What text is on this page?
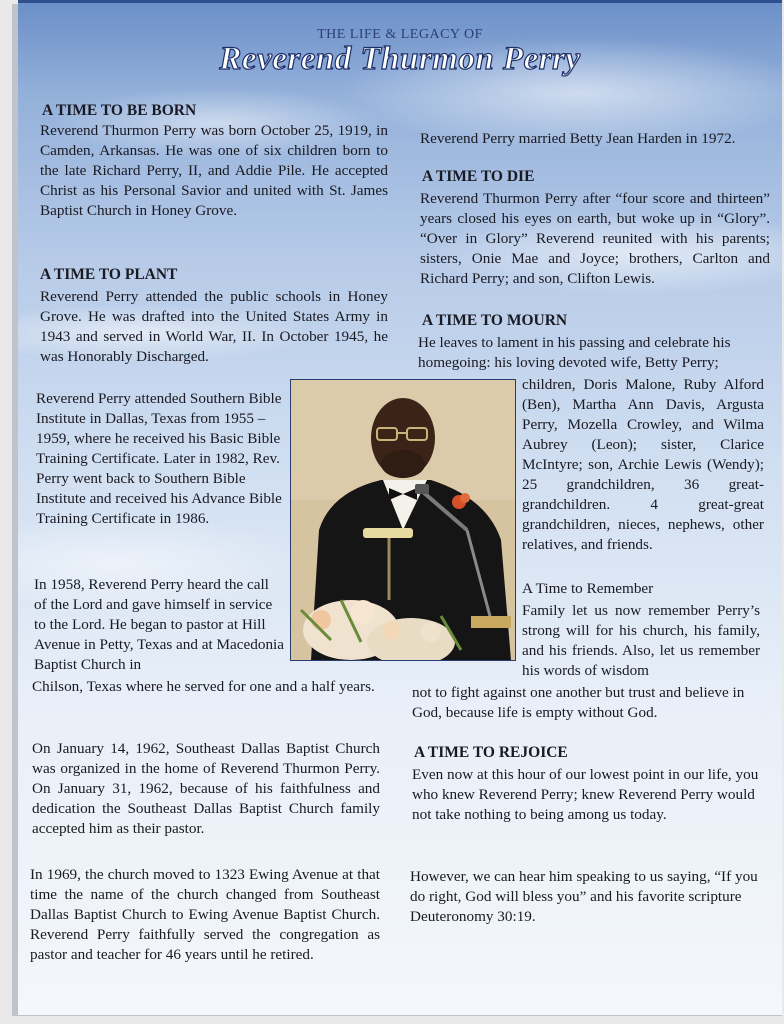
THE LIFE & LEGACY OF
Reverend Thurmon Perry
A TIME TO BE BORN

Reverend Thurmon Perry was born October 25, 1919, in Camden, Arkansas. He was one of six children born to the late Richard Perry, II, and Addie Pile. He accepted Christ as his Personal Savior and united with St. James Baptist Church in Honey Grove.

A TIME TO PLANT

Reverend Perry attended the public schools in Honey Grove. He was drafted into the United States Army in 1943 and served in World War, II. In October 1945, he was Honorably Discharged.

Reverend Perry attended Southern Bible Institute in Dallas, Texas from 1955 – 1959, where he received his Basic Bible Training Certificate. Later in 1982, Rev. Perry went back to Southern Bible Institute and received his Advance Bible Training Certificate in 1986.

In 1958, Reverend Perry heard the call of the Lord and gave himself in service to the Lord. He began to pastor at Hill Avenue in Petty, Texas and at Macedonia Baptist Church in

Chilson, Texas where he served for one and a half years.

On January 14, 1962, Southeast Dallas Baptist Church was organized in the home of Reverend Thurmon Perry. On January 31, 1962, because of his faithfulness and dedication the Southeast Dallas Baptist Church family accepted him as their pastor.

In 1969, the church moved to 1323 Ewing Avenue at that time the name of the church changed from Southeast Dallas Baptist Church to Ewing Avenue Baptist Church. Reverend Perry faithfully served the congregation as pastor and teacher for 46 years until he retired.

Reverend Perry married Betty Jean Harden in 1972.

A TIME TO DIE

Reverend Thurmon Perry after “four score and thirteen” years closed his eyes on earth, but woke up in “Glory”. “Over in Glory” Reverend reunited with his parents; sisters, Onie Mae and Joyce; brothers, Carlton and Richard Perry; and son, Clifton Lewis.

A TIME TO MOURN

He leaves to lament in his passing and celebrate his homegoing: his loving devoted wife, Betty Perry;

children, Doris Malone, Ruby Alford (Ben), Martha Ann Davis, Argusta Perry, Mozella Crowley, and Wilma Aubrey (Leon); sister, Clarice McIntyre; son, Archie Lewis (Wendy); 25 grandchildren, 36 great-grandchildren. 4 great-great grandchildren, nieces, nephews, other relatives, and friends.

A Time to Remember

Family let us now remember Perry’s strong will for his church, his family, and his friends. Also, let us remember his words of wisdom

not to fight against one another but trust and believe in God, because life is empty without God.

A TIME TO REJOICE

Even now at this hour of our lowest point in our life, you who knew Reverend Perry; knew Reverend Perry would not take nothing to being among us today.

However, we can hear him speaking to us saying, “If you do right, God will bless you” and his favorite scripture Deuteronomy 30:19.
